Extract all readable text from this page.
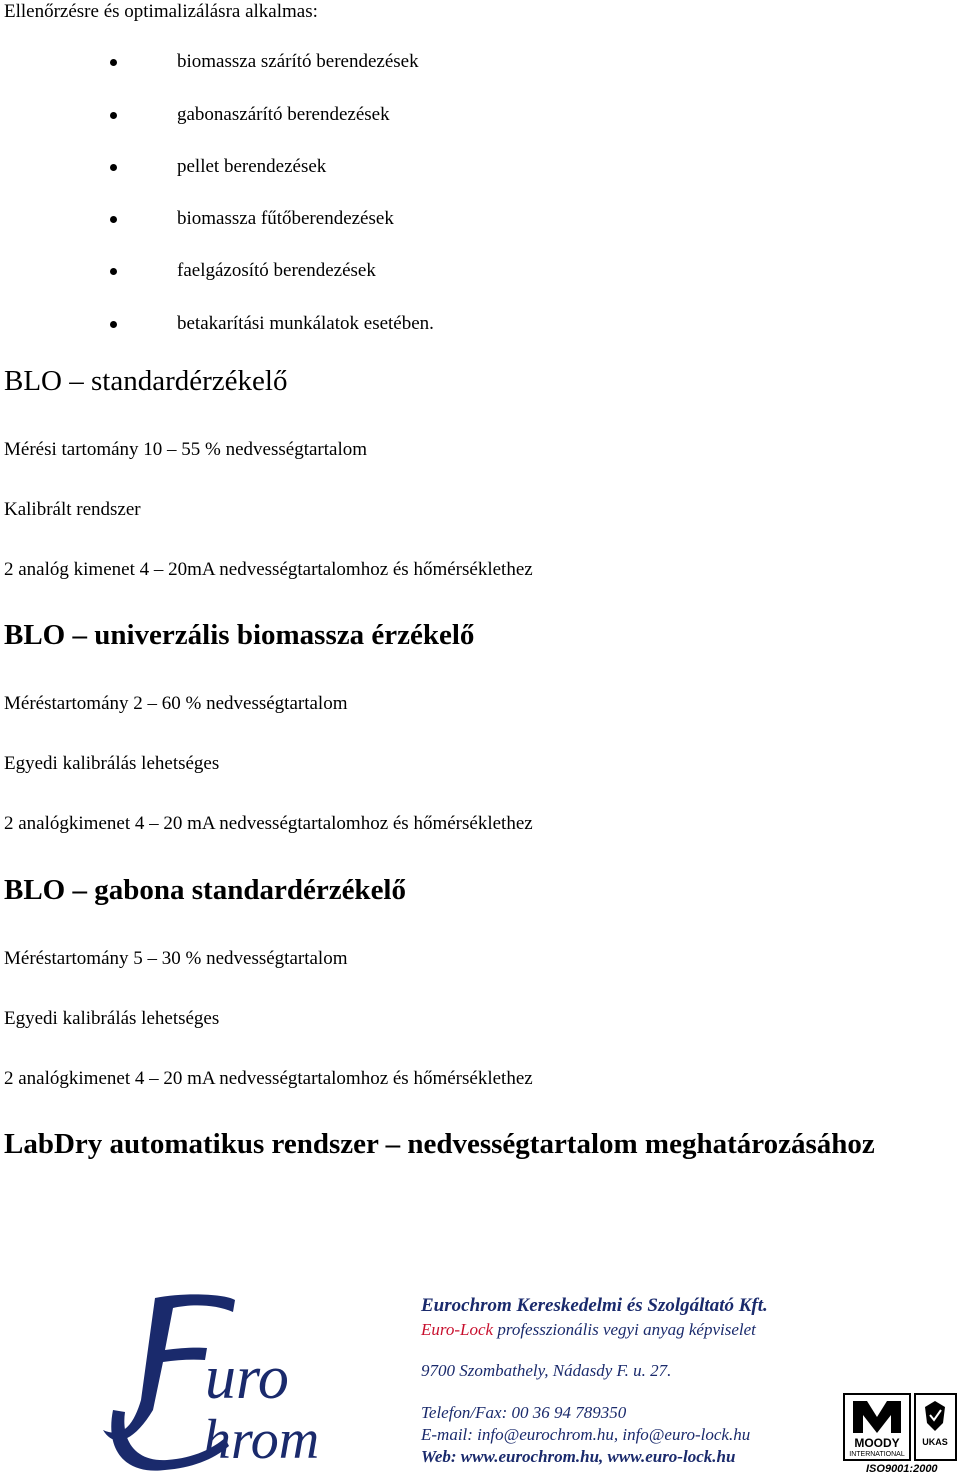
Ellenőrzésre és optimalizálásra alkalmas:
biomassza szárító berendezések
gabonaszárító berendezések
pellet berendezések
biomassza fűtőberendezések
faelgázosító berendezések
betakarítási munkálatok esetében.
BLO – standardérzékelő
Mérési tartomány 10 – 55 % nedvességtartalom
Kalibrált rendszer
2 analóg kimenet 4 – 20mA nedvességtartalomhoz és hőmérséklethez
BLO – univerzális biomassza érzékelő
Méréstartomány 2 – 60 % nedvességtartalom
Egyedi kalibrálás lehetséges
2 analógkimenet 4 – 20 mA nedvességtartalomhoz és hőmérséklethez
BLO – gabona standardérzékelő
Méréstartomány 5 – 30 % nedvességtartalom
Egyedi kalibrálás lehetséges
2 analógkimenet 4 – 20 mA nedvességtartalomhoz és hőmérséklethez
LabDry automatikus rendszer – nedvességtartalom meghatározásához
uro
hrom
Eurochrom Kereskedelmi és Szolgáltató Kft.
Euro-Lock professzionális vegyi anyag képviselet
9700 Szombathely, Nádasdy F. u. 27.
Telefon/Fax: 00 36 94 789350
E-mail: info@eurochrom.hu, info@euro-lock.hu
Web: www.eurochrom.hu, www.euro-lock.hu
MOODY
INTERNATIONAL
UKAS
ISO9001:2000
